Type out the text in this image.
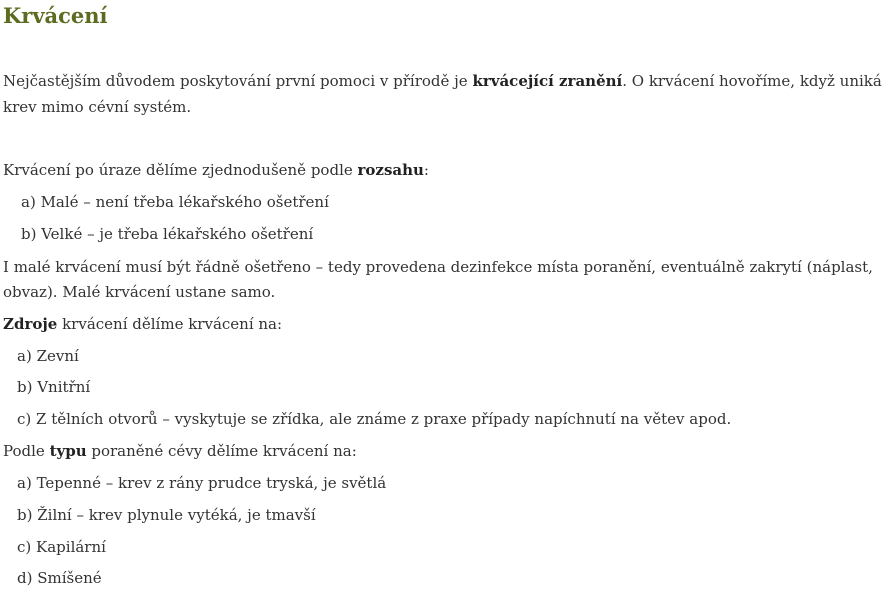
Krvácení
Nejčastějším důvodem poskytování první pomoci v přírodě je krvácející zranění. O krvácení hovoříme, když uniká
krev mimo cévní systém.
Krvácení po úraze dělíme zjednodušeně podle rozsahu:
a) Malé – není třeba lékařského ošetření
b) Velké – je třeba lékařského ošetření
I malé krvácení musí být řádně ošetřeno – tedy provedena dezinfekce místa poranění, eventuálně zakrytí (náplast,
obvaz). Malé krvácení ustane samo.
Zdroje krvácení dělíme krvácení na:
a) Zevní
b) Vnitřní
c) Z tělních otvorů – vyskytuje se zřídka, ale známe z praxe případy napíchnutí na větev apod.
Podle typu poraněné cévy dělíme krvácení na:
a) Tepenné – krev z rány prudce tryská, je světlá
b) Žilní – krev plynule vytéká, je tmavší
c) Kapilární
d) Smíšené
